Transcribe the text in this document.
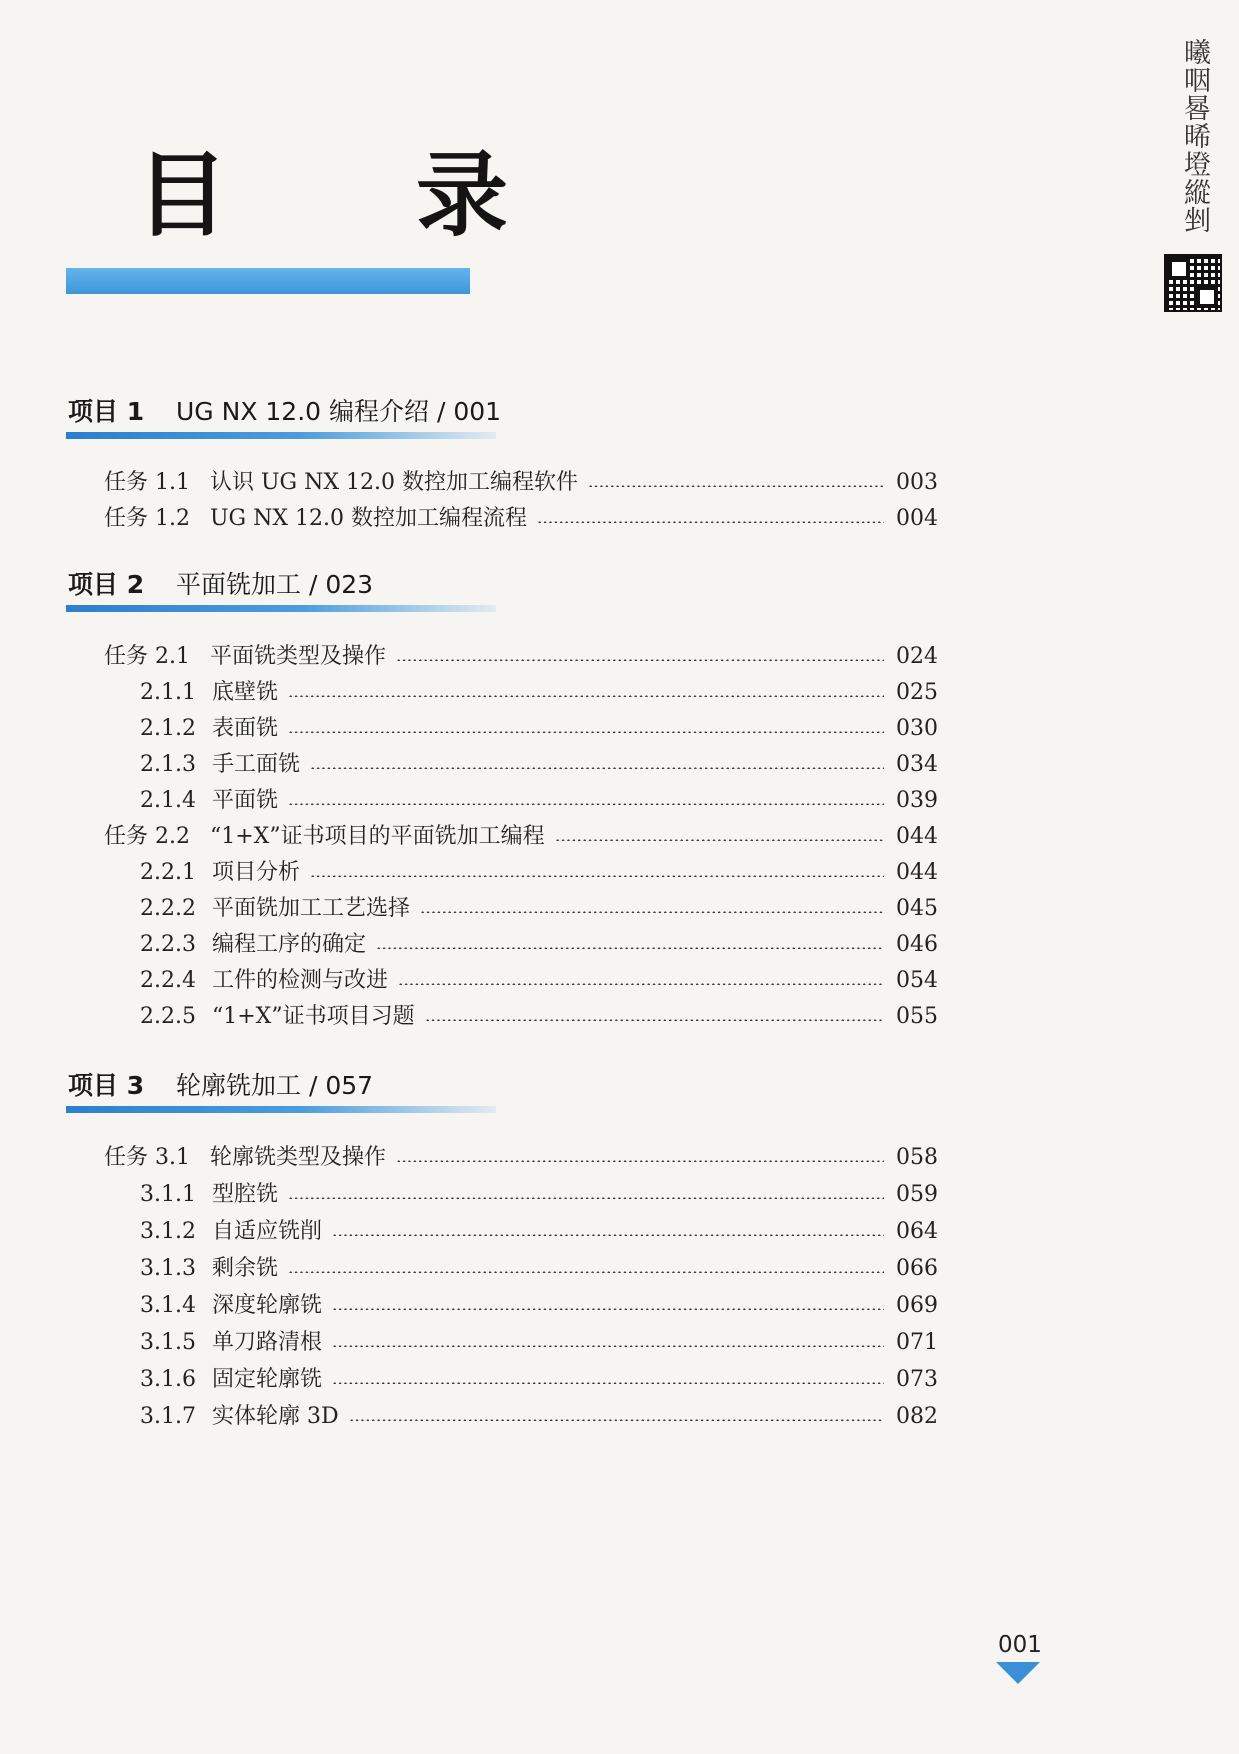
目 录	曦咽晷晞墱縱剉
项目 1 UG NX 12.0 编程介绍 / 001
任务 1.1 认识 UG NX 12.0 数控加工编程软件	003
任务 1.2 UG NX 12.0 数控加工编程流程	004
项目 2 平面铣加工 / 023
任务 2.1 平面铣类型及操作	024
2.1.1 底壁铣	025
2.1.2 表面铣	030
2.1.3 手工面铣	034
2.1.4 平面铣	039
任务 2.2 “1+X”证书项目的平面铣加工编程	044
2.2.1 项目分析	044
2.2.2 平面铣加工工艺选择	045
2.2.3 编程工序的确定	046
2.2.4 工件的检测与改进	054
2.2.5 “1+X”证书项目习题	055
项目 3 轮廓铣加工 / 057
任务 3.1 轮廓铣类型及操作	058
3.1.1 型腔铣	059
3.1.2 自适应铣削	064
3.1.3 剩余铣	066
3.1.4 深度轮廓铣	069
3.1.5 单刀路清根	071
3.1.6 固定轮廓铣	073
3.1.7 实体轮廓 3D	082
001
